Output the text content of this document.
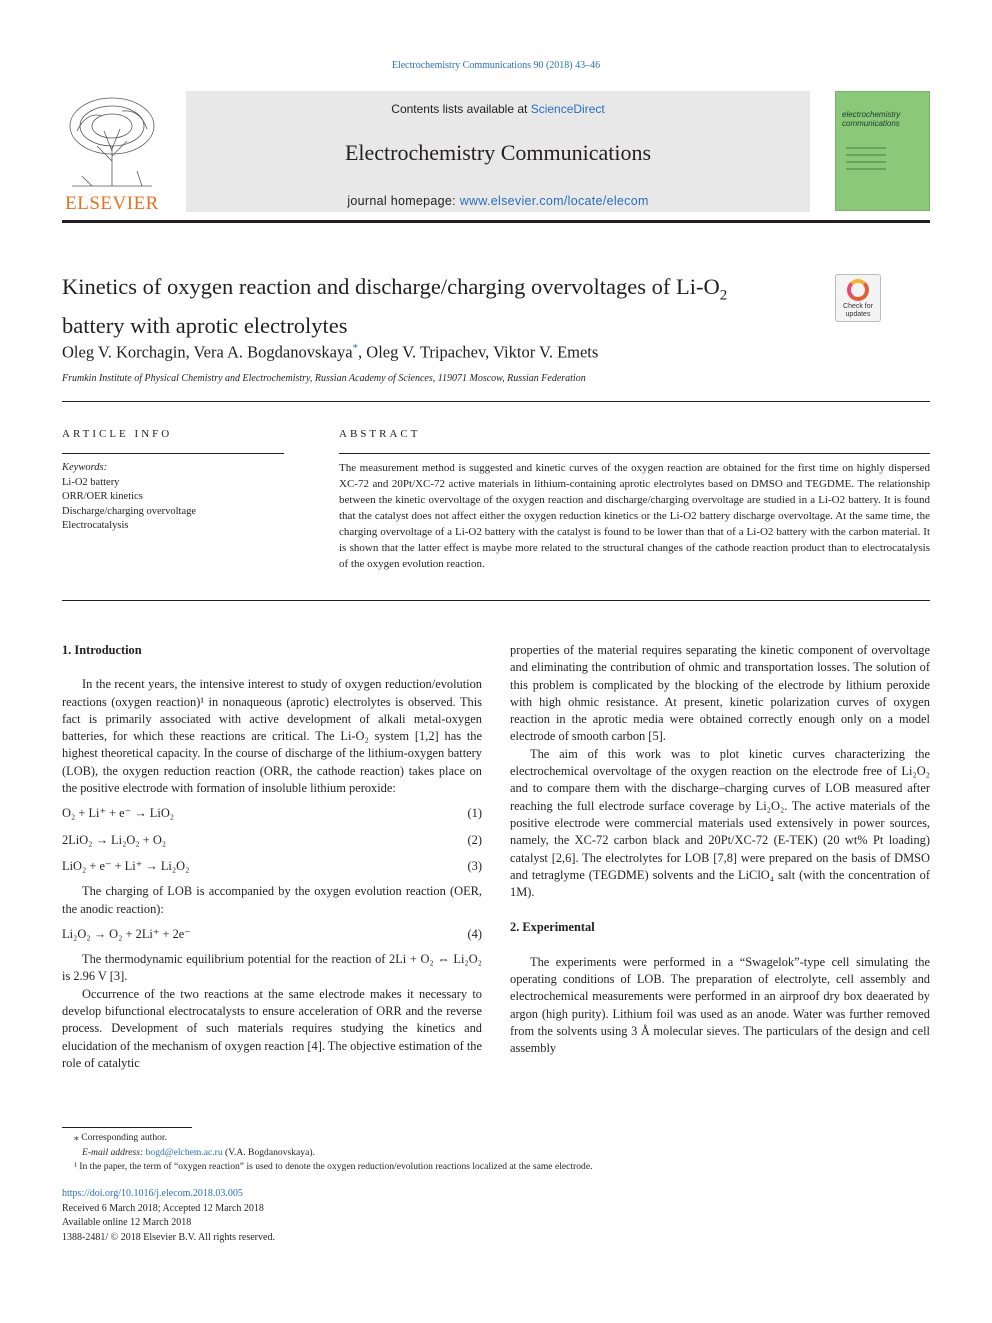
Electrochemistry Communications 90 (2018) 43–46
ELSEVIER
Contents lists available at ScienceDirect
Electrochemistry Communications
journal homepage: www.elsevier.com/locate/elecom
electrochemistry communications
Kinetics of oxygen reaction and discharge/charging overvoltages of $Li-O_2$
battery with aprotic electrolytes
Check for updates
Oleg V. Korchagin, Vera A. Bogdanovskaya*, Oleg V. Tripachev, Viktor V. Emets
Frumkin Institute of Physical Chemistry and Electrochemistry, Russian Academy of Sciences, 119071 Moscow, Russian Federation
ARTICLE INFO	ABSTRACT
Keywords:
Li-O2 battery
ORR/OER kinetics
Discharge/charging overvoltage
Electrocatalysis
The measurement method is suggested and kinetic curves of the oxygen reaction are obtained for the first time on highly dispersed XC-72 and 20Pt/XC-72 active materials in lithium-containing aprotic electrolytes based on DMSO and TEGDME. The relationship between the kinetic overvoltage of the oxygen reaction and discharge/charging overvoltage are studied in a Li-O2 battery. It is found that the catalyst does not affect either the oxygen reduction kinetics or the Li-O2 battery discharge overvoltage. At the same time, the charging overvoltage of a Li-O2 battery with the catalyst is found to be lower than that of a Li-O2 battery with the carbon material. It is shown that the latter effect is maybe more related to the structural changes of the cathode reaction product than to electrocatalysis of the oxygen evolution reaction.
1. Introduction

In the recent years, the intensive interest to study of oxygen reduction/evolution reactions (oxygen reaction)¹ in nonaqueous (aprotic) electrolytes is observed. This fact is primarily associated with active development of alkali metal-oxygen batteries, for which these reactions are critical. The Li-O₂ system [1,2] has the highest theoretical capacity. In the course of discharge of the lithium-oxygen battery (LOB), the oxygen reduction reaction (ORR, the cathode reaction) takes place on the positive electrode with formation of insoluble lithium peroxide:

O₂ + Li⁺ + e⁻ → LiO₂	(1)
2LiO₂ → Li₂O₂ + O₂	(2)
LiO₂ + e⁻ + Li⁺ → Li₂O₂	(3)

The charging of LOB is accompanied by the oxygen evolution reaction (OER, the anodic reaction):

Li₂O₂ → O₂ + 2Li⁺ + 2e⁻	(4)

The thermodynamic equilibrium potential for the reaction of 2Li + O₂ ⇔ Li₂O₂ is 2.96 V [3].

Occurrence of the two reactions at the same electrode makes it necessary to develop bifunctional electrocatalysts to ensure acceleration of ORR and the reverse process. Development of such materials requires studying the kinetics and elucidation of the mechanism of oxygen reaction [4]. The objective estimation of the role of catalytic

properties of the material requires separating the kinetic component of overvoltage and eliminating the contribution of ohmic and transportation losses. The solution of this problem is complicated by the blocking of the electrode by lithium peroxide with high ohmic resistance. At present, kinetic polarization curves of oxygen reaction in the aprotic media were obtained correctly enough only on a model electrode of smooth carbon [5].

The aim of this work was to plot kinetic curves characterizing the electrochemical overvoltage of the oxygen reaction on the electrode free of Li₂O₂ and to compare them with the discharge–charging curves of LOB measured after reaching the full electrode surface coverage by Li₂O₂. The active materials of the positive electrode were commercial materials used extensively in power sources, namely, the XC-72 carbon black and 20Pt/XC-72 (E-TEK) (20 wt% Pt loading) catalyst [2,6]. The electrolytes for LOB [7,8] were prepared on the basis of DMSO and tetraglyme (TEGDME) solvents and the LiClO₄ salt (with the concentration of 1M).

2. Experimental

The experiments were performed in a “Swagelok”-type cell simulating the operating conditions of LOB. The preparation of electrolyte, cell assembly and electrochemical measurements were performed in an airproof dry box deaerated by argon (high purity). Lithium foil was used as an anode. Water was further removed from the solvents using 3 Å molecular sieves. The particulars of the design and cell assembly

⁎ Corresponding author.
E-mail address: bogd@elchem.ac.ru (V.A. Bogdanovskaya).
¹ In the paper, the term of “oxygen reaction” is used to denote the oxygen reduction/evolution reactions localized at the same electrode.
https://doi.org/10.1016/j.elecom.2018.03.005
Received 6 March 2018; Accepted 12 March 2018
Available online 12 March 2018
1388-2481/ © 2018 Elsevier B.V. All rights reserved.
